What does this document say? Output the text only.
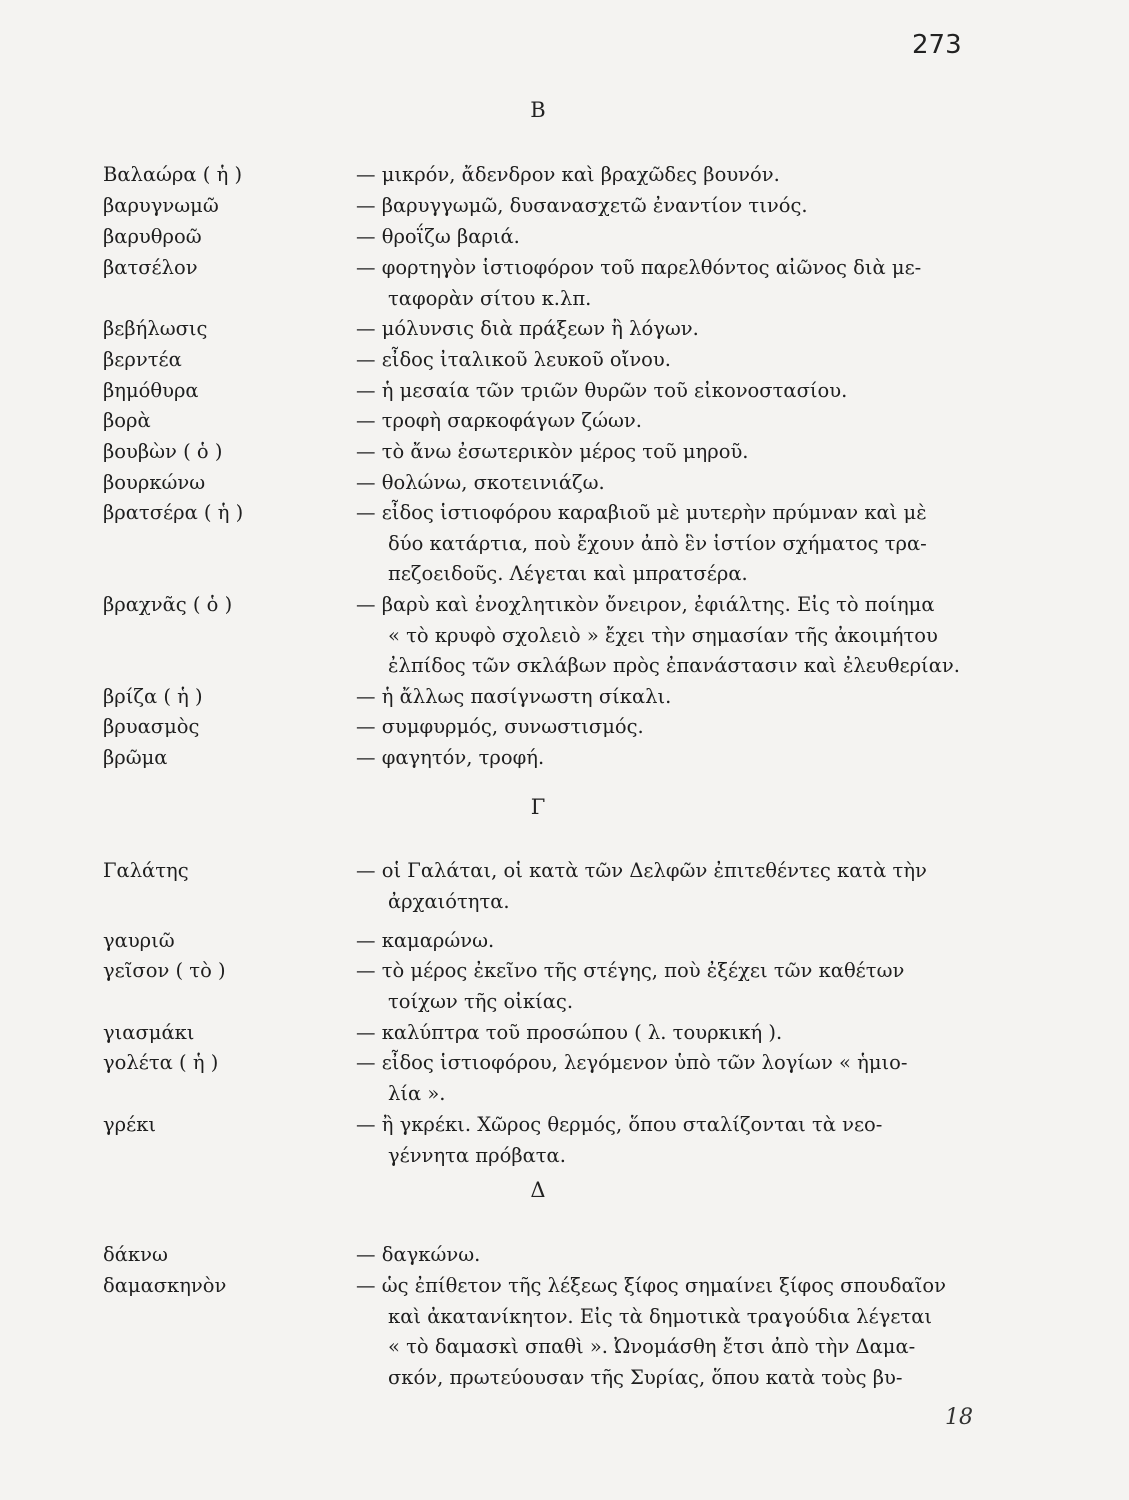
273
Β
Βαλαώρα ( ἡ )	— μικρόν, ἄδενδρον καὶ βραχῶδες βουνόν.
βαρυγνωμῶ	— βαρυγγωμῶ, δυσανασχετῶ ἐναντίον τινός.
βαρυθροῶ	— θροΐζω βαριά.
βατσέλον	— φορτηγὸν ἱστιοφόρον τοῦ παρελθόντος αἰῶνος διὰ με-
ταφορὰν σίτου κ.λπ.
βεβήλωσις	— μόλυνσις διὰ πράξεων ἢ λόγων.
βερντέα	— εἶδος ἰταλικοῦ λευκοῦ οἴνου.
βημόθυρα	— ἡ μεσαία τῶν τριῶν θυρῶν τοῦ εἰκονοστασίου.
βορὰ	— τροφὴ σαρκοφάγων ζώων.
βουβὼν ( ὁ )	— τὸ ἄνω ἐσωτερικὸν μέρος τοῦ μηροῦ.
βουρκώνω	— θολώνω, σκοτεινιάζω.
βρατσέρα ( ἡ )	— εἶδος ἱστιοφόρου καραβιοῦ μὲ μυτερὴν πρύμναν καὶ μὲ
δύο κατάρτια, ποὺ ἔχουν ἀπὸ ἓν ἱστίον σχήματος τρα-
πεζοειδοῦς. Λέγεται καὶ μπρατσέρα.
βραχνᾶς ( ὁ )	— βαρὺ καὶ ἐνοχλητικὸν ὄνειρον, ἐφιάλτης. Εἰς τὸ ποίημα
« τὸ κρυφὸ σχολειὸ » ἔχει τὴν σημασίαν τῆς ἀκοιμήτου
ἐλπίδος τῶν σκλάβων πρὸς ἐπανάστασιν καὶ ἐλευθερίαν.
βρίζα ( ἡ )	— ἡ ἄλλως πασίγνωστη σίκαλι.
βρυασμὸς	— συμφυρμός, συνωστισμός.
βρῶμα	— φαγητόν, τροφή.
Γ
Γαλάτης	— οἱ Γαλάται, οἱ κατὰ τῶν Δελφῶν ἐπιτεθέντες κατὰ τὴν
ἀρχαιότητα.
γαυριῶ	— καμαρώνω.
γεῖσον ( τὸ )	— τὸ μέρος ἐκεῖνο τῆς στέγης, ποὺ ἐξέχει τῶν καθέτων
τοίχων τῆς οἰκίας.
γιασμάκι	— καλύπτρα τοῦ προσώπου ( λ. τουρκική ).
γολέτα ( ἡ )	— εἶδος ἱστιοφόρου, λεγόμενον ὑπὸ τῶν λογίων « ἡμιο-
λία ».
γρέκι	— ἢ γκρέκι. Χῶρος θερμός, ὅπου σταλίζονται τὰ νεο-
γέννητα πρόβατα.
Δ
δάκνω	— δαγκώνω.
δαμασκηνὸν	— ὡς ἐπίθετον τῆς λέξεως ξίφος σημαίνει ξίφος σπουδαῖον
καὶ ἀκατανίκητον. Εἰς τὰ δημοτικὰ τραγούδια λέγεται
« τὸ δαμασκὶ σπαθὶ ». Ὠνομάσθη ἔτσι ἀπὸ τὴν Δαμα-
σκόν, πρωτεύουσαν τῆς Συρίας, ὅπου κατὰ τοὺς βυ-
18
